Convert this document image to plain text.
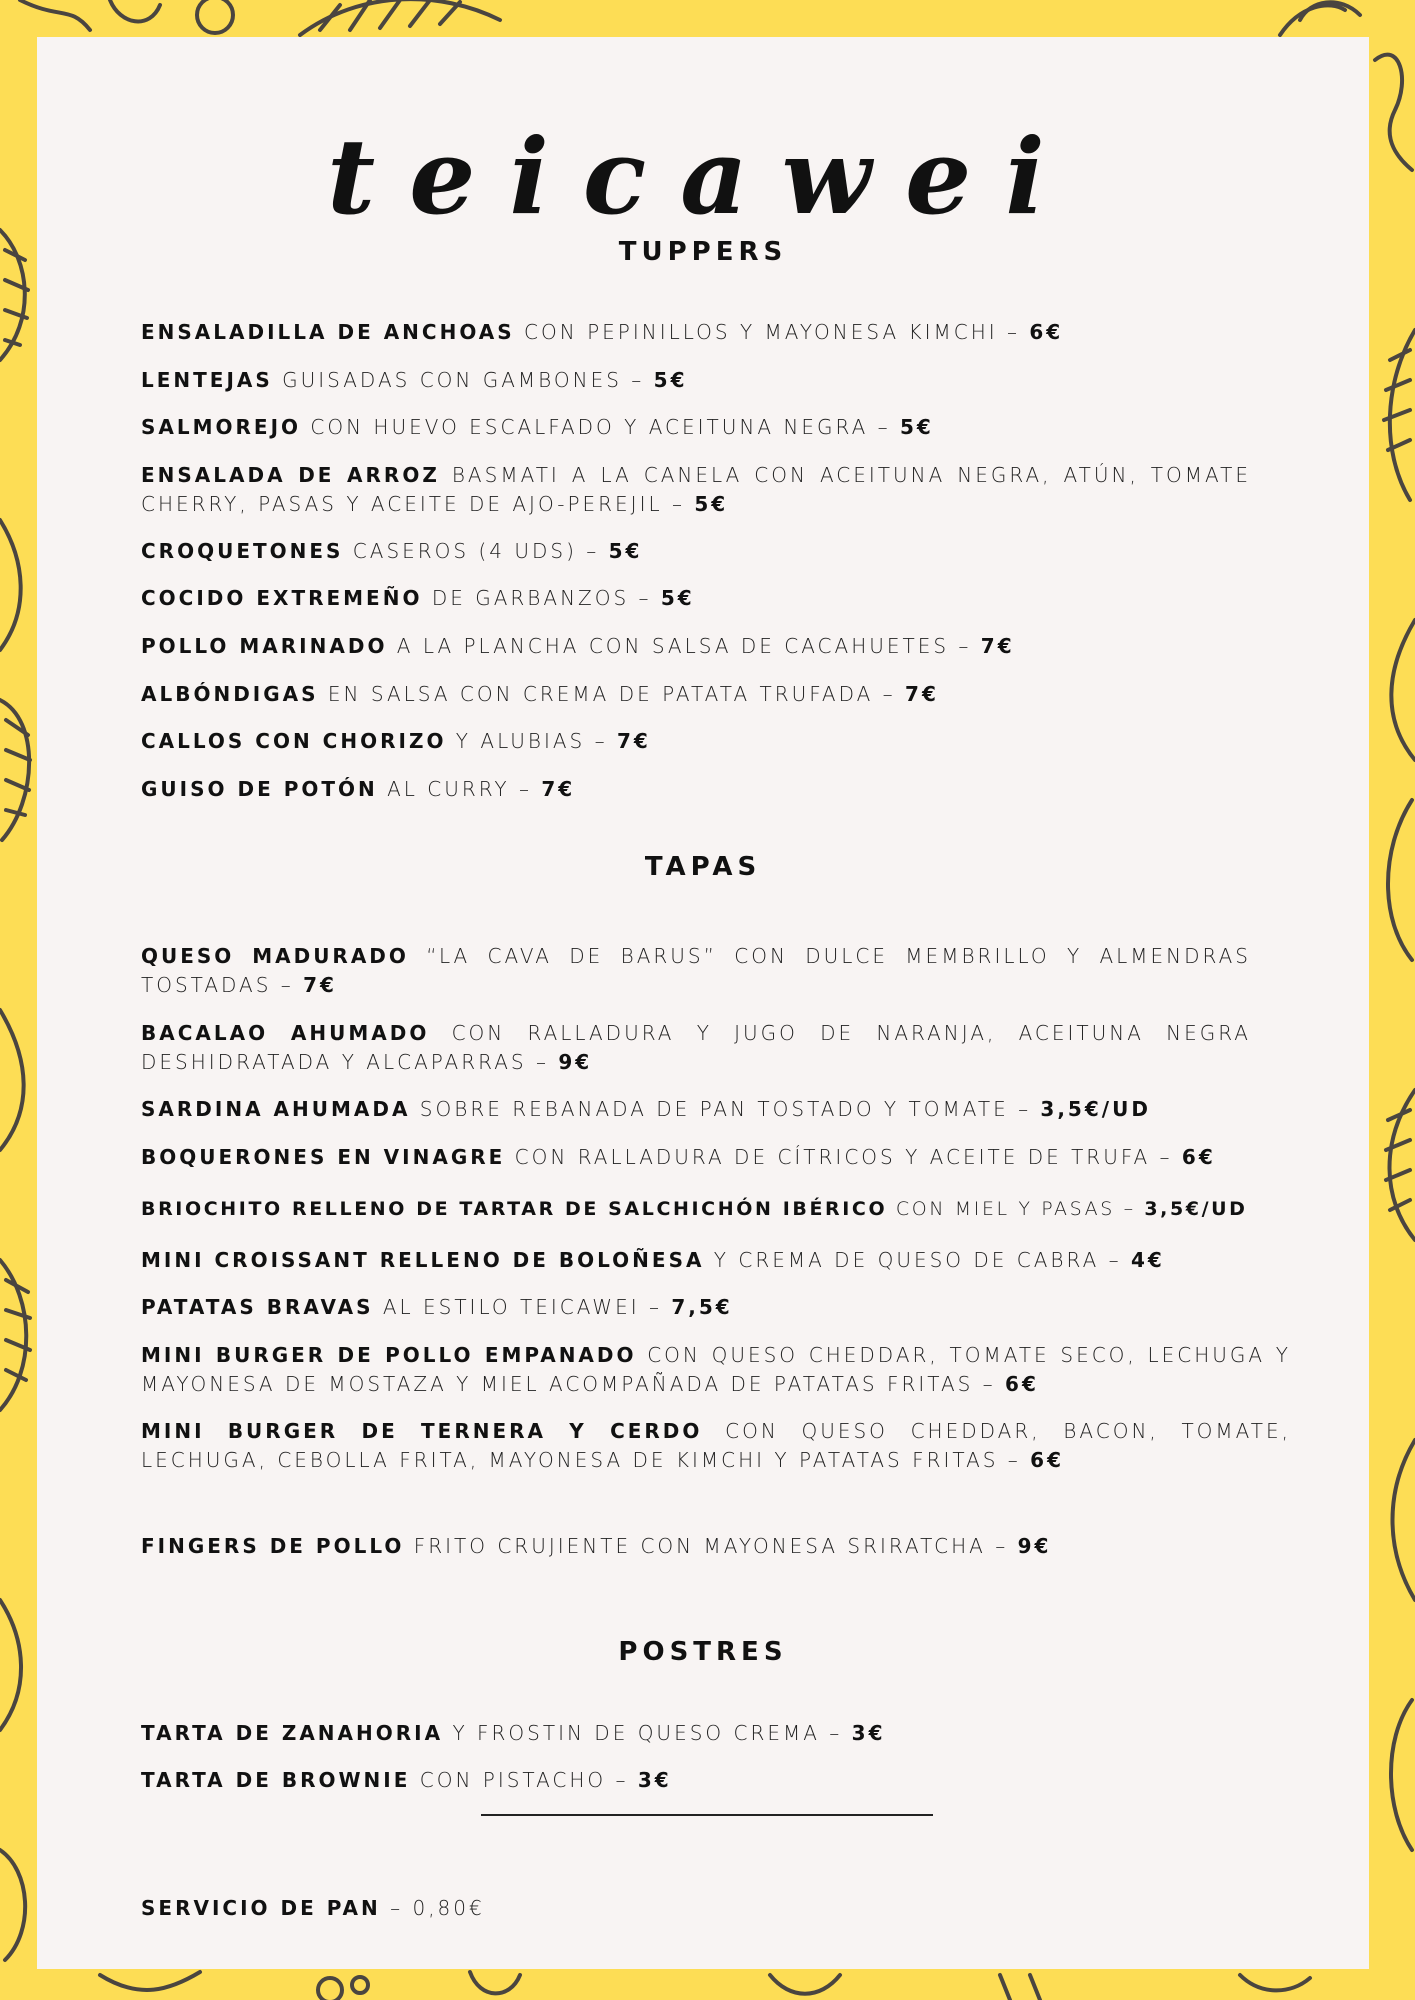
teicawei
TUPPERS
ENSALADILLA DE ANCHOAS CON PEPINILLOS Y MAYONESA KIMCHI – 6€
LENTEJAS GUISADAS CON GAMBONES – 5€
SALMOREJO CON HUEVO ESCALFADO Y ACEITUNA NEGRA – 5€
ENSALADA DE ARROZ BASMATI A LA CANELA CON ACEITUNA NEGRA, ATÚN, TOMATE CHERRY, PASAS Y ACEITE DE AJO-PEREJIL – 5€
CROQUETONES CASEROS (4 UDS) – 5€
COCIDO EXTREMEÑO DE GARBANZOS – 5€
POLLO MARINADO A LA PLANCHA CON SALSA DE CACAHUETES – 7€
ALBÓNDIGAS EN SALSA CON CREMA DE PATATA TRUFADA – 7€
CALLOS CON CHORIZO Y ALUBIAS – 7€
GUISO DE POTÓN AL CURRY – 7€
TAPAS
QUESO MADURADO “LA CAVA DE BARUS” CON DULCE MEMBRILLO Y ALMENDRAS TOSTADAS – 7€
BACALAO AHUMADO CON RALLADURA Y JUGO DE NARANJA, ACEITUNA NEGRA DESHIDRATADA Y ALCAPARRAS – 9€
SARDINA AHUMADA SOBRE REBANADA DE PAN TOSTADO Y TOMATE – 3,5€/UD
BOQUERONES EN VINAGRE CON RALLADURA DE CÍTRICOS Y ACEITE DE TRUFA – 6€
BRIOCHITO RELLENO DE TARTAR DE SALCHICHÓN IBÉRICO CON MIEL Y PASAS – 3,5€/UD
MINI CROISSANT RELLENO DE BOLOÑESA Y CREMA DE QUESO DE CABRA – 4€
PATATAS BRAVAS AL ESTILO TEICAWEI – 7,5€
MINI BURGER DE POLLO EMPANADO CON QUESO CHEDDAR, TOMATE SECO, LECHUGA Y MAYONESA DE MOSTAZA Y MIEL ACOMPAÑADA DE PATATAS FRITAS – 6€
MINI BURGER DE TERNERA Y CERDO CON QUESO CHEDDAR, BACON, TOMATE, LECHUGA, CEBOLLA FRITA, MAYONESA DE KIMCHI Y PATATAS FRITAS – 6€
FINGERS DE POLLO FRITO CRUJIENTE CON MAYONESA SRIRATCHA – 9€
POSTRES
TARTA DE ZANAHORIA Y FROSTIN DE QUESO CREMA – 3€
TARTA DE BROWNIE CON PISTACHO – 3€
SERVICIO DE PAN – 0,80€
